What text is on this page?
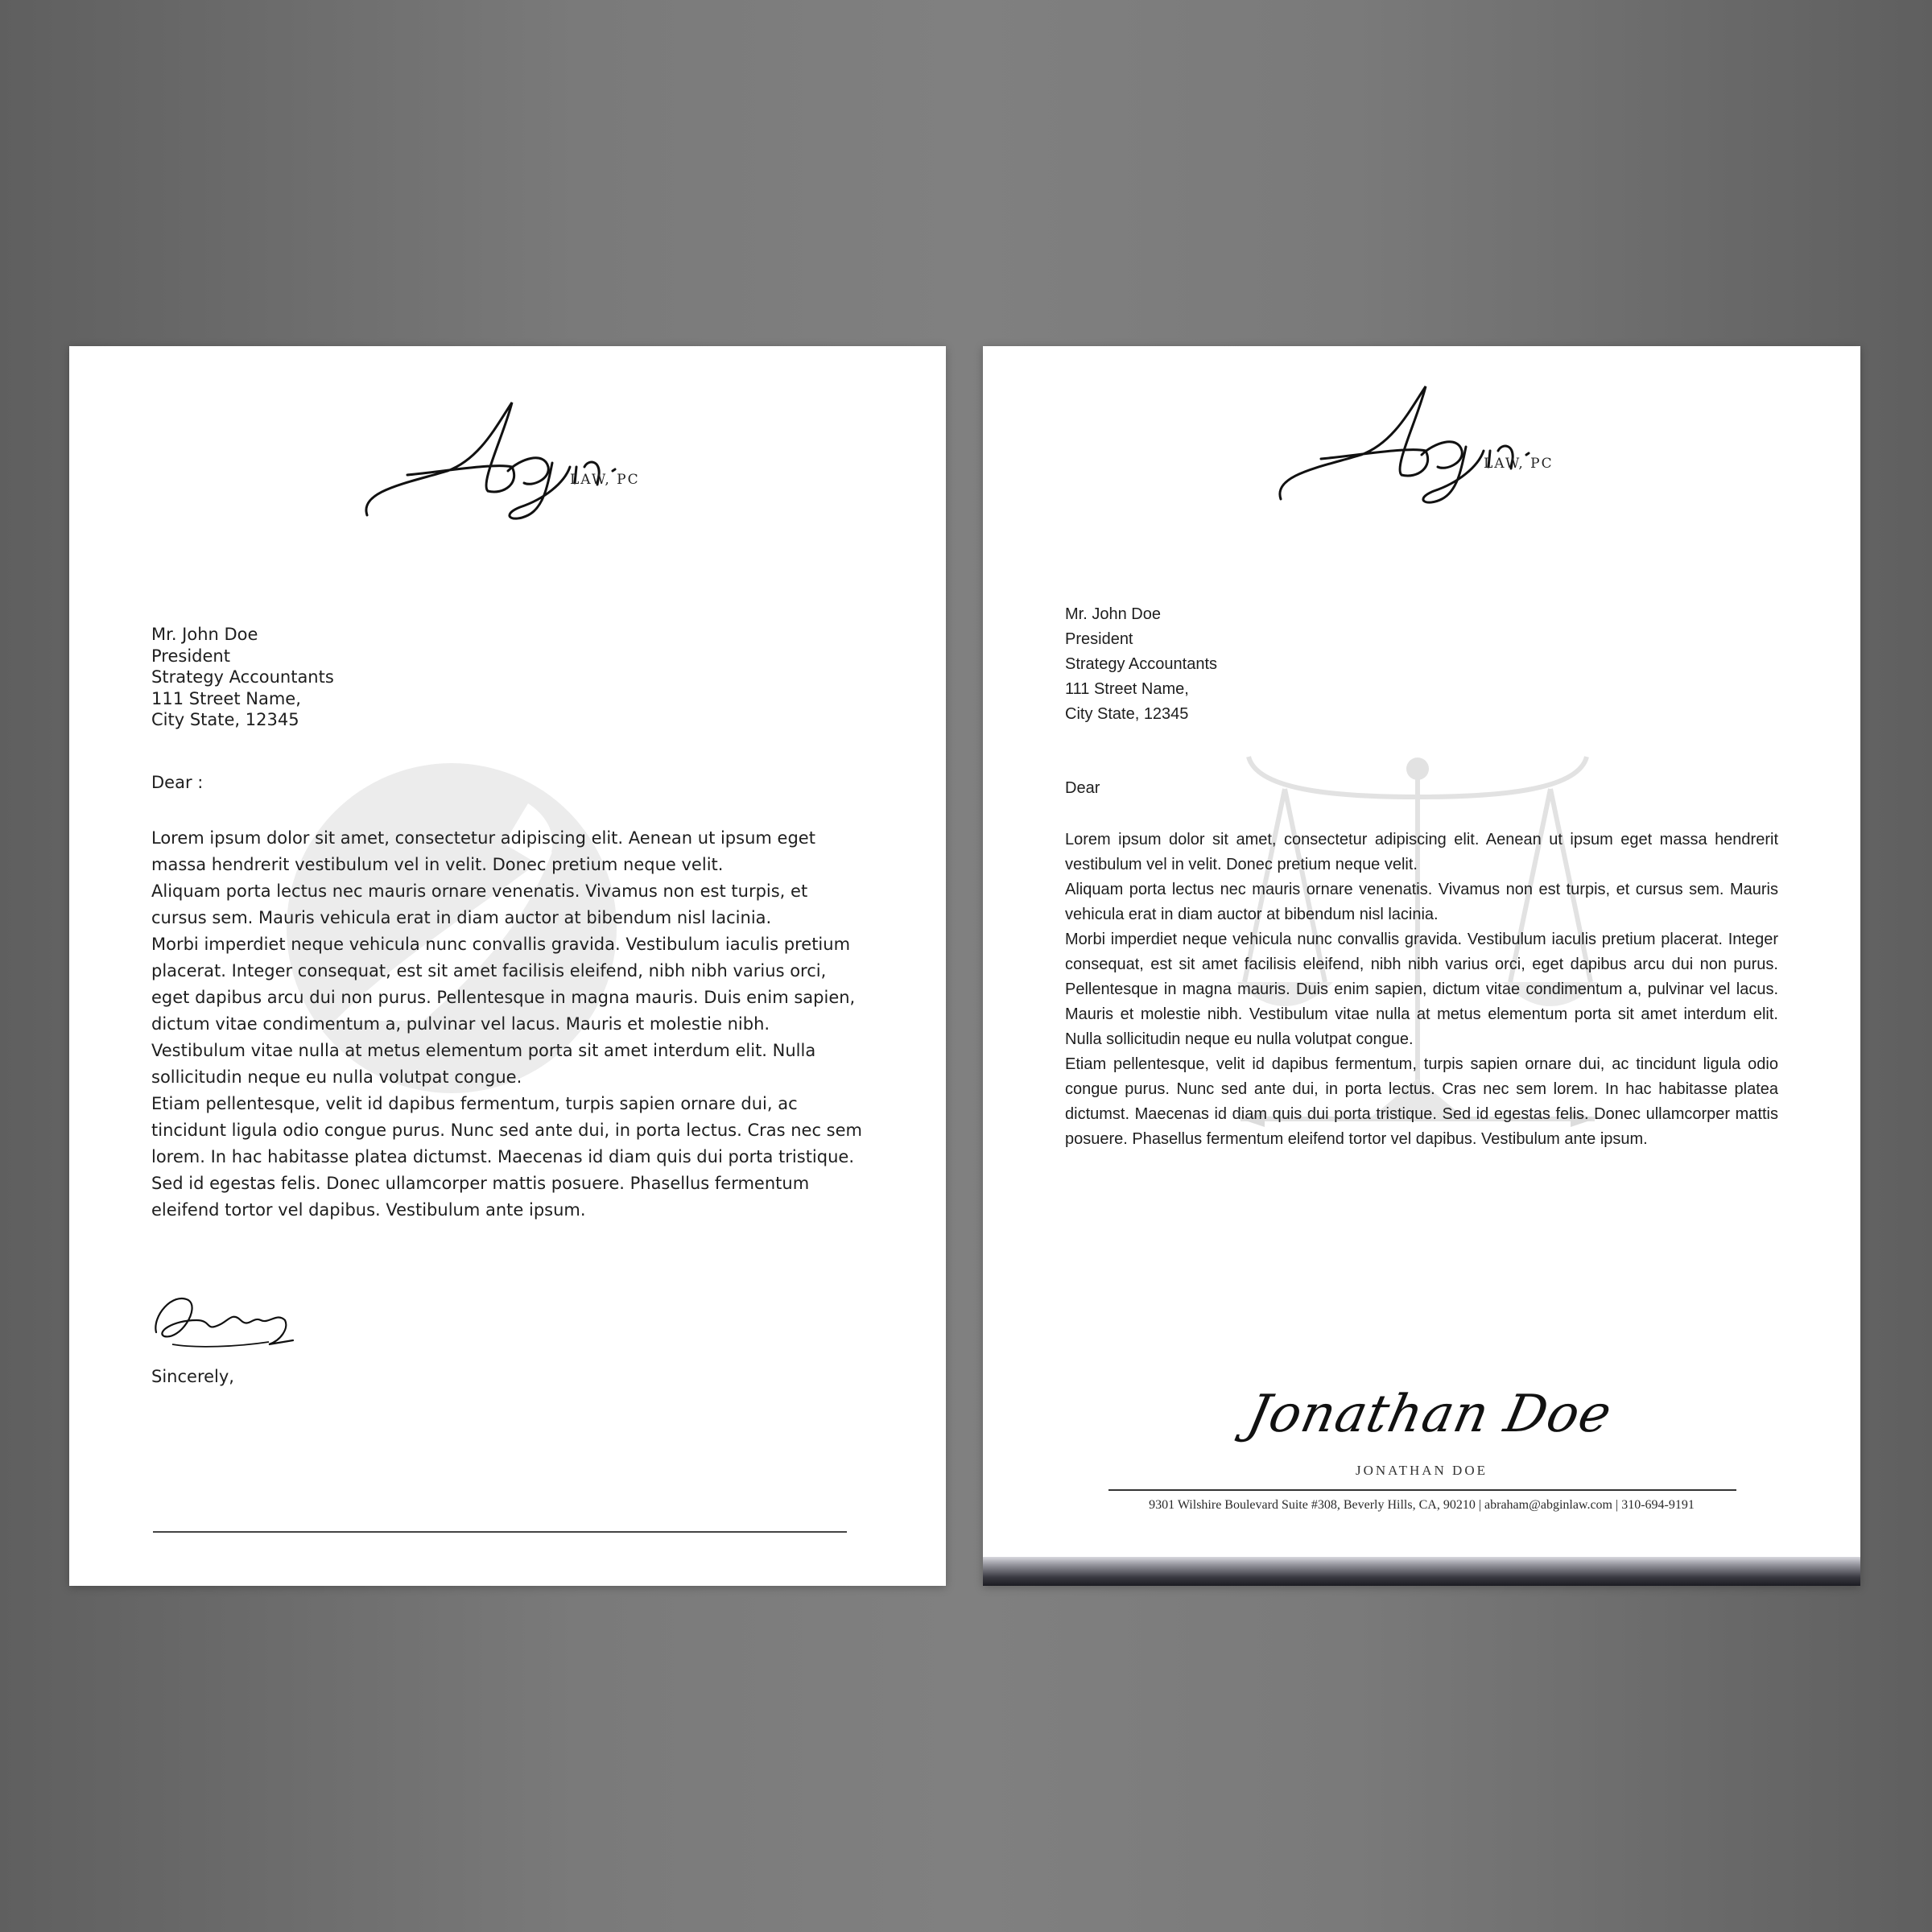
LAW, PC
Mr. John Doe
President
Strategy Accountants
111 Street Name,
City State, 12345
Dear :

Lorem ipsum dolor sit amet, consectetur adipiscing elit. Aenean ut ipsum eget massa hendrerit vestibulum vel in velit. Donec pretium neque velit.

Aliquam porta lectus nec mauris ornare venenatis. Vivamus non est turpis, et cursus sem. Mauris vehicula erat in diam auctor at bibendum nisl lacinia.

Morbi imperdiet neque vehicula nunc convallis gravida. Vestibulum iaculis pretium placerat. Integer consequat, est sit amet facilisis eleifend, nibh nibh varius orci, eget dapibus arcu dui non purus. Pellentesque in magna mauris. Duis enim sapien, dictum vitae condimentum a, pulvinar vel lacus. Mauris et molestie nibh. Vestibulum vitae nulla at metus elementum porta sit amet interdum elit. Nulla sollicitudin neque eu nulla volutpat congue.

Etiam pellentesque, velit id dapibus fermentum, turpis sapien ornare dui, ac tincidunt ligula odio congue purus. Nunc sed ante dui, in porta lectus. Cras nec sem lorem. In hac habitasse platea dictumst. Maecenas id diam quis dui porta tristique. Sed id egestas felis. Donec ullamcorper mattis posuere. Phasellus fermentum eleifend tortor vel dapibus. Vestibulum ante ipsum.

Sincerely,
LAW, PC
Mr. John Doe
President
Strategy Accountants
111 Street Name,
City State, 12345
Dear

Lorem ipsum dolor sit amet, consectetur adipiscing elit. Aenean ut ipsum eget massa hendrerit vestibulum vel in velit. Donec pretium neque velit.

Aliquam porta lectus nec mauris ornare venenatis. Vivamus non est turpis, et cursus sem. Mauris vehicula erat in diam auctor at bibendum nisl lacinia.

Morbi imperdiet neque vehicula nunc convallis gravida. Vestibulum iaculis pretium placerat. Integer consequat, est sit amet facilisis eleifend, nibh nibh varius orci, eget dapibus arcu dui non purus. Pellentesque in magna mauris. Duis enim sapien, dictum vitae condimentum a, pulvinar vel lacus. Mauris et molestie nibh. Vestibulum vitae nulla at metus elementum porta sit amet interdum elit. Nulla sollicitudin neque eu nulla volutpat congue.

Etiam pellentesque, velit id dapibus fermentum, turpis sapien ornare dui, ac tincidunt ligula odio congue purus. Nunc sed ante dui, in porta lectus. Cras nec sem lorem. In hac habitasse platea dictumst. Maecenas id diam quis dui porta tristique. Sed id egestas felis. Donec ullamcorper mattis posuere. Phasellus fermentum eleifend tortor vel dapibus. Vestibulum ante ipsum.

Jonathan Doe
JONATHAN DOE
9301 Wilshire Boulevard Suite #308, Beverly Hills, CA, 90210 | abraham@abginlaw.com | 310-694-9191
